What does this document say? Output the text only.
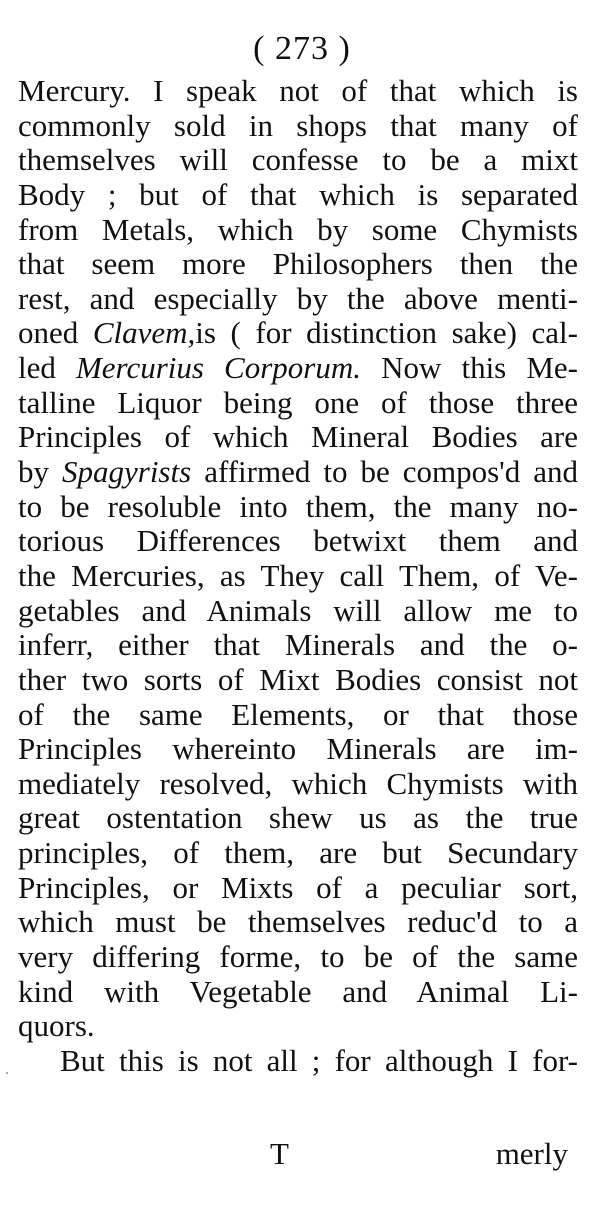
( 273 )
Mercury. I speak not of that which is
commonly sold in shops that many of
themselves will confesse to be a mixt
Body ; but of that which is separated
from Metals, which by some Chymists
that seem more Philosophers then the
rest, and especially by the above menti-
oned Clavem,is ( for distinction sake) cal-
led Mercurius Corporum. Now this Me-
talline Liquor being one of those three
Principles of which Mineral Bodies are
by Spagyrists affirmed to be compos'd and
to be resoluble into them, the many no-
torious Differences betwixt them and
the Mercuries, as They call Them, of Ve-
getables and Animals will allow me to
inferr, either that Minerals and the o-
ther two sorts of Mixt Bodies consist not
of the same Elements, or that those
Principles whereinto Minerals are im-
mediately resolved, which Chymists with
great ostentation shew us as the true
principles, of them, are but Secundary
Principles, or Mixts of a peculiar sort,
which must be themselves reduc'd to a
very differing forme, to be of the same
kind with Vegetable and Animal Li-
quors.
But this is not all ; for although I for-
T	merly
